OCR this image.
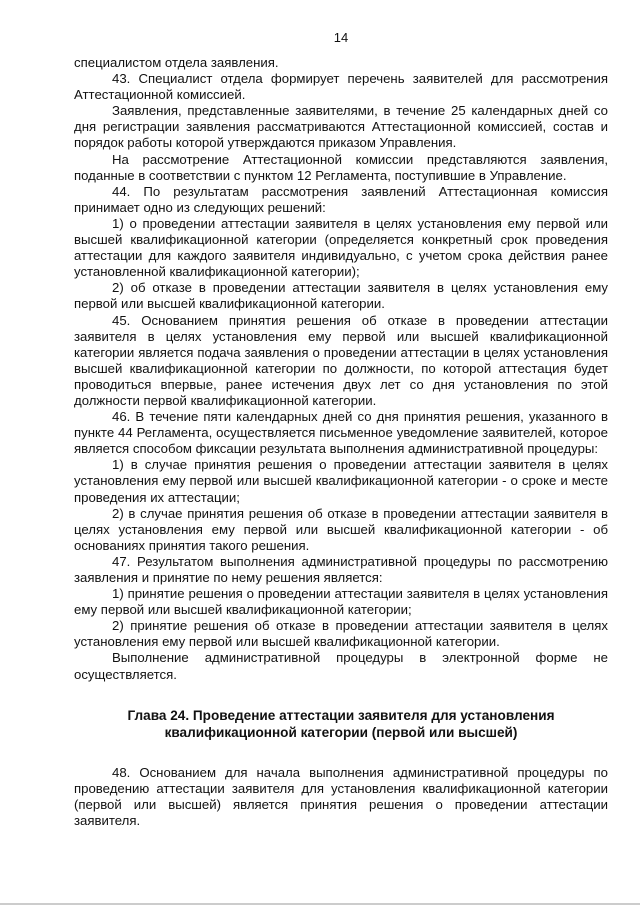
14

специалистом отдела заявления.

43. Специалист отдела формирует перечень заявителей для рассмотрения Аттестационной комиссией.

Заявления, представленные заявителями, в течение 25 календарных дней со дня регистрации заявления рассматриваются Аттестационной комиссией, состав и порядок работы которой утверждаются приказом Управления.

На рассмотрение Аттестационной комиссии представляются заявления, поданные в соответствии с пунктом 12 Регламента, поступившие в Управление.

44. По результатам рассмотрения заявлений Аттестационная комиссия принимает одно из следующих решений:

1) о проведении аттестации заявителя в целях установления ему первой или высшей квалификационной категории (определяется конкретный срок проведения аттестации для каждого заявителя индивидуально, с учетом срока действия ранее установленной квалификационной категории);

2) об отказе в проведении аттестации заявителя в целях установления ему первой или высшей квалификационной категории.

45. Основанием принятия решения об отказе в проведении аттестации заявителя в целях установления ему первой или высшей квалификационной категории является подача заявления о проведении аттестации в целях установления высшей квалификационной категории по должности, по которой аттестация будет проводиться впервые, ранее истечения двух лет со дня установления по этой должности первой квалификационной категории.

46. В течение пяти календарных дней со дня принятия решения, указанного в пункте 44 Регламента, осуществляется письменное уведомление заявителей, которое является способом фиксации результата выполнения административной процедуры:

1) в случае принятия решения о проведении аттестации заявителя в целях установления ему первой или высшей квалификационной категории - о сроке и месте проведения их аттестации;

2) в случае принятия решения об отказе в проведении аттестации заявителя в целях установления ему первой или высшей квалификационной категории - об основаниях принятия такого решения.

47. Результатом выполнения административной процедуры по рассмотрению заявления и принятие по нему решения является:

1) принятие решения о проведении аттестации заявителя в целях установления ему первой или высшей квалификационной категории;

2) принятие решения об отказе в проведении аттестации заявителя в целях установления ему первой или высшей квалификационной категории.

Выполнение административной процедуры в электронной форме не осуществляется.

Глава 24. Проведение аттестации заявителя для установления
квалификационной категории (первой или высшей)

48. Основанием для начала выполнения административной процедуры по проведению аттестации заявителя для установления квалификационной категории (первой или высшей) является принятия решения о проведении аттестации заявителя.
